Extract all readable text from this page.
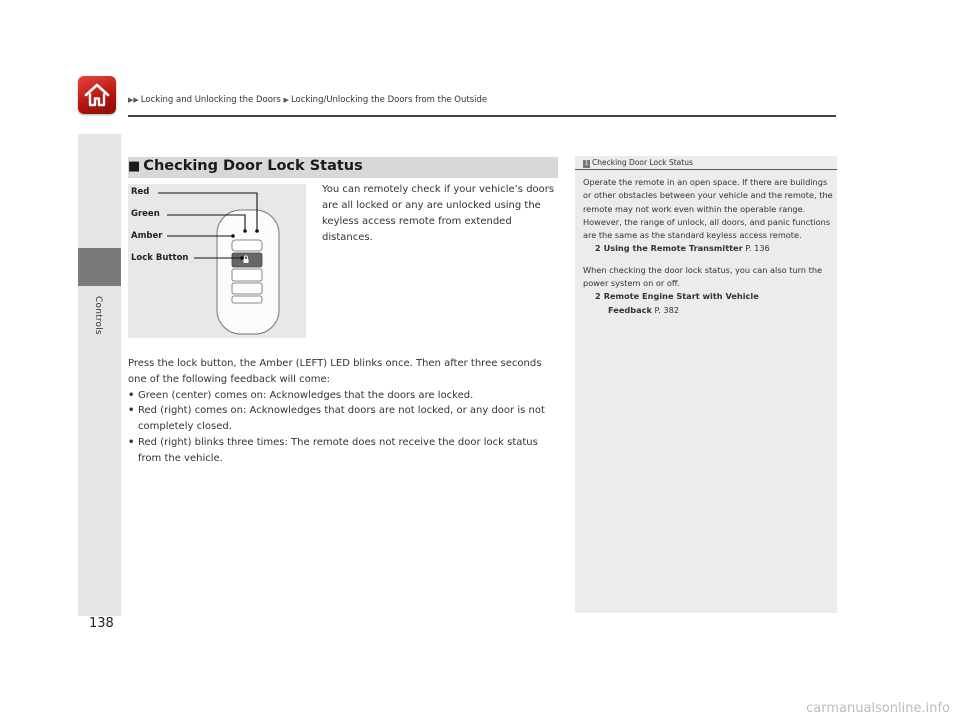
▶▶ Locking and Unlocking the Doors ▶ Locking/Unlocking the Doors from the Outside
Controls
138
■ Checking Door Lock Status
Red
Green
Amber
Lock Button
You can remotely check if your vehicle’s doors are all locked or any are unlocked using the keyless access remote from extended distances.

Press the lock button, the Amber (LEFT) LED blinks once. Then after three seconds one of the following feedback will come:

• Green (center) comes on: Acknowledges that the doors are locked.
• Red (right) comes on: Acknowledges that doors are not locked, or any door is not completely closed.
• Red (right) blinks three times: The remote does not receive the door lock status from the vehicle.
1 Checking Door Lock Status

Operate the remote in an open space. If there are buildings or other obstacles between your vehicle and the remote, the remote may not work even within the operable range. However, the range of unlock, all doors, and panic functions are the same as the standard keyless access remote.

2 Using the Remote Transmitter P. 136

When checking the door lock status, you can also turn the power system on or off.

2 Remote Engine Start with Vehicle
Feedback P. 382
carmanualsonline.info
